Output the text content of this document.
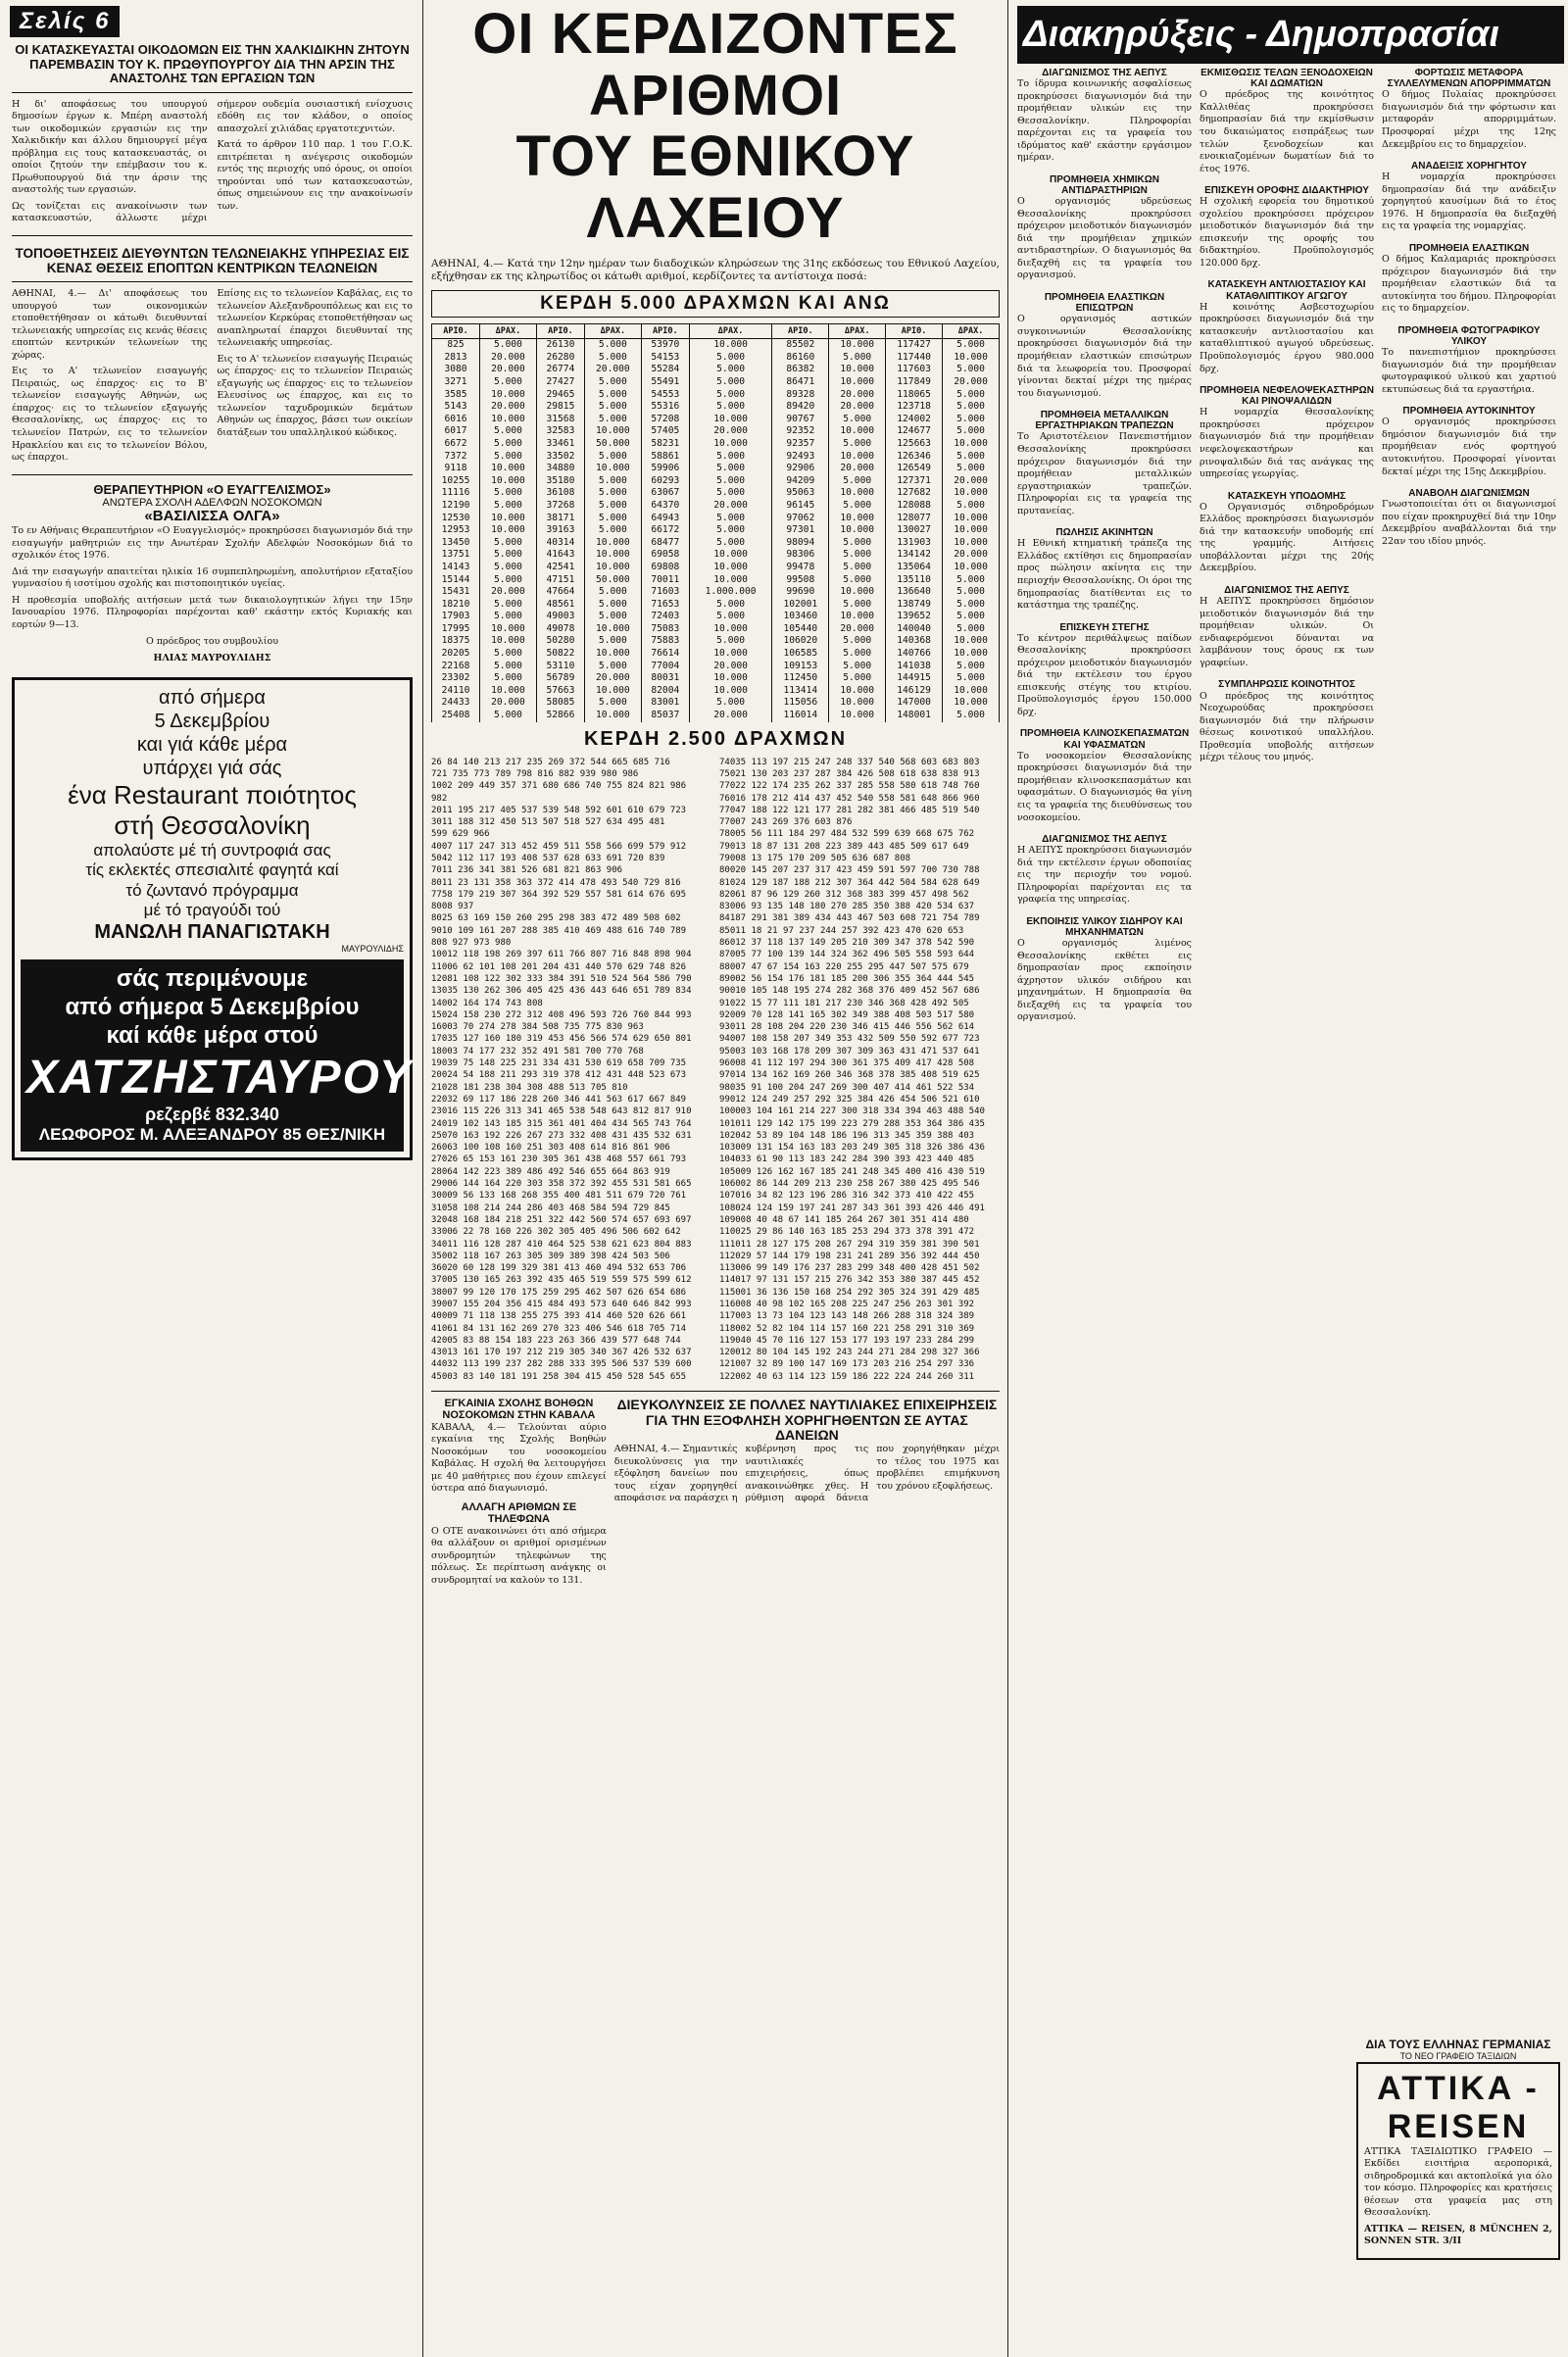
Σελίς 6
ΟΙ ΚΑΤΑΣΚΕΥΑΣΤΑΙ ΟΙΚΟΔΟΜΩΝ ΕΙΣ ΤΗΝ ΧΑΛΚΙΔΙΚΗΝ ΖΗΤΟΥΝ ΠΑΡΕΜΒΑΣΙΝ ΤΟΥ Κ. ΠΡΩΘΥΠΟΥΡΓΟΥ ΔΙΑ ΤΗΝ ΑΡΣΙΝ ΤΗΣ ΑΝΑΣΤΟΛΗΣ ΤΩΝ ΕΡΓΑΣΙΩΝ ΤΩΝ

Η δι' αποφάσεως του υπουργού δημοσίων έργων κ. Μπέρη αναστολή των οικοδομικών εργασιών εις την Χαλκιδικήν και άλλου δημιουργεί μέγα πρόβλημα εις τους κατασκευαστάς, οι οποίοι ζητούν την επέμβασιν του κ. Πρωθυπουργού διά την άρσιν της αναστολής των εργασιών.

Ως τονίζεται εις ανακοίνωσιν των κατασκευαστών, άλλωστε μέχρι σήμερον ουδεμία ουσιαστική ενίσχυσις εδόθη εις τον κλάδον, ο οποίος απασχολεί χιλιάδας εργατοτεχνιτών.

Κατά το άρθρον 110 παρ. 1 του Γ.Ο.Κ. επιτρέπεται η ανέγερσις οικοδομών εντός της περιοχής υπό όρους, οι οποίοι τηρούνται υπό των κατασκευαστών, όπως σημειώνουν εις την ανακοίνωσίν των.

ΤΟΠΟΘΕΤΗΣΕΙΣ ΔΙΕΥΘΥΝΤΩΝ ΤΕΛΩΝΕΙΑΚΗΣ ΥΠΗΡΕΣΙΑΣ ΕΙΣ ΚΕΝΑΣ ΘΕΣΕΙΣ ΕΠΟΠΤΩΝ ΚΕΝΤΡΙΚΩΝ ΤΕΛΩΝΕΙΩΝ

ΑΘΗΝΑΙ, 4.— Δι' αποφάσεως του υπουργού των οικονομικών ετοποθετήθησαν οι κάτωθι διευθυνταί τελωνειακής υπηρεσίας εις κενάς θέσεις εποπτών κεντρικών τελωνείων της χώρας.

Εις το Α' τελωνείον εισαγωγής Πειραιώς, ως έπαρχος· εις το Β' τελωνείον εισαγωγής Αθηνών, ως έπαρχος· εις το τελωνείον εξαγωγής Θεσσαλονίκης, ως έπαρχος· εις το τελωνείον Πατρών, εις το τελωνείον Ηρακλείου και εις το τελωνείον Βόλου, ως έπαρχοι.

Επίσης εις το τελωνείον Καβάλας, εις το τελωνείον Αλεξανδρουπόλεως και εις το τελωνείον Κερκύρας ετοποθετήθησαν ως αναπληρωταί έπαρχοι διευθυνταί της τελωνειακής υπηρεσίας.

Εις το Α' τελωνείον εισαγωγής Πειραιώς ως έπαρχος· εις το τελωνείον Πειραιώς εξαγωγής ως έπαρχος· εις το τελωνείον Ελευσίνος ως έπαρχος, και εις το τελωνείον ταχυδρομικών δεμάτων Αθηνών ως έπαρχος, βάσει των οικείων διατάξεων του υπαλληλικού κώδικος.

ΘΕΡΑΠΕΥΤΗΡΙΟΝ «Ο ΕΥΑΓΓΕΛΙΣΜΟΣ»
ΑΝΩΤΕΡΑ ΣΧΟΛΗ ΑΔΕΛΦΩΝ ΝΟΣΟΚΟΜΩΝ
«ΒΑΣΙΛΙΣΣΑ ΟΛΓΑ»

Το εν Αθήναις Θεραπευτήριον «Ο Ευαγγελισμός» προκηρύσσει διαγωνισμόν διά την εισαγωγήν μαθητριών εις την Ανωτέραν Σχολήν Αδελφών Νοσοκόμων διά το σχολικόν έτος 1976.

Διά την εισαγωγήν απαιτείται ηλικία 16 συμπεπληρωμένη, απολυτήριον εξαταξίου γυμνασίου ή ισοτίμου σχολής και πιστοποιητικόν υγείας.

Η προθεσμία υποβολής αιτήσεων μετά των δικαιολογητικών λήγει την 15ην Ιανουαρίου 1976. Πληροφορίαι παρέχονται καθ' εκάστην εκτός Κυριακής και εορτών 9—13.

Ο πρόεδρος του συμβουλίου
ΗΛΙΑΣ ΜΑΥΡΟΥΛΙΔΗΣ
από σήμερα
5 Δεκεμβρίου
και γιά κάθε μέρα
υπάρχει γιά σάς
ένα Restaurant ποιότητος
στή Θεσσαλονίκη
απολαύστε μέ τή συντροφιά σας
τίς εκλεκτές σπεσιαλιτέ φαγητά καί
τό ζωντανό πρόγραμμα
μέ τό τραγούδι τού
ΜΑΝΩΛΗ ΠΑΝΑΓΙΩΤΑΚΗ
ΜΑΥΡΟΥΛΙΔΗΣ
σάς περιμένουμε
από σήμερα 5 Δεκεμβρίου
καί κάθε μέρα στού
ΧΑΤΖΗΣΤΑΥΡΟΥ
ρεζερβέ 832.340
ΛΕΩΦΟΡΟΣ Μ. ΑΛΕΞΑΝΔΡΟΥ 85 ΘΕΣ/ΝΙΚΗ
ΟΙ ΚΕΡΔΙΖΟΝΤΕΣ ΑΡΙΘΜΟΙ
ΤΟΥ ΕΘΝΙΚΟΥ ΛΑΧΕΙΟΥ

ΑΘΗΝΑΙ, 4.— Κατά την 12ην ημέραν των διαδοχικών κληρώσεων της 31ης εκδόσεως του Εθνικού Λαχείου, εξήχθησαν εκ της κληρωτίδος οι κάτωθι αριθμοί, κερδίζοντες τα αντίστοιχα ποσά:

ΚΕΡΔΗ 5.000 ΔΡΑΧΜΩΝ ΚΑΙ ΑΝΩ
ΑΡΙΘ.	ΔΡΑΧ.	ΑΡΙΘ.	ΔΡΑΧ.	ΑΡΙΘ.	ΔΡΑΧ.	ΑΡΙΘ.	ΔΡΑΧ.	ΑΡΙΘ.	ΔΡΑΧ.
825	5.000	26130	5.000	53970	10.000	85502	10.000	117427	5.000
2813	20.000	26280	5.000	54153	5.000	86160	5.000	117440	10.000
3080	20.000	26774	20.000	55284	5.000	86382	10.000	117603	5.000
3271	5.000	27427	5.000	55491	5.000	86471	10.000	117849	20.000
3585	10.000	29465	5.000	54553	5.000	89328	20.000	118065	5.000
5143	20.000	29815	5.000	55316	5.000	89420	20.000	123718	5.000
6016	10.000	31568	5.000	57208	10.000	90767	5.000	124002	5.000
6017	5.000	32583	10.000	57405	20.000	92352	10.000	124677	5.000
6672	5.000	33461	50.000	58231	10.000	92357	5.000	125663	10.000
7372	5.000	33502	5.000	58861	5.000	92493	10.000	126346	5.000
9118	10.000	34880	10.000	59906	5.000	92906	20.000	126549	5.000
10255	10.000	35180	5.000	60293	5.000	94209	5.000	127371	20.000
11116	5.000	36108	5.000	63067	5.000	95063	10.000	127682	10.000
12190	5.000	37268	5.000	64370	20.000	96145	5.000	128088	5.000
12530	10.000	38171	5.000	64943	5.000	97062	10.000	128077	10.000
12953	10.000	39163	5.000	66172	5.000	97301	10.000	130027	10.000
13450	5.000	40314	10.000	68477	5.000	98094	5.000	131903	10.000
13751	5.000	41643	10.000	69058	10.000	98306	5.000	134142	20.000
14143	5.000	42541	10.000	69808	10.000	99478	5.000	135064	10.000
15144	5.000	47151	50.000	70011	10.000	99508	5.000	135110	5.000
15431	20.000	47664	5.000	71603	1.000.000	99690	10.000	136640	5.000
18210	5.000	48561	5.000	71653	5.000	102001	5.000	138749	5.000
17903	5.000	49003	5.000	72403	5.000	103460	10.000	139652	5.000
17995	10.000	49078	10.000	75083	10.000	105440	20.000	140040	5.000
18375	10.000	50280	5.000	75883	5.000	106020	5.000	140368	10.000
20205	5.000	50822	10.000	76614	10.000	106585	5.000	140766	10.000
22168	5.000	53110	5.000	77004	20.000	109153	5.000	141038	5.000
23302	5.000	56789	20.000	80031	10.000	112450	5.000	144915	5.000
24110	10.000	57663	10.000	82004	10.000	113414	10.000	146129	10.000
24433	20.000	58085	5.000	83001	5.000	115056	10.000	147000	10.000
25408	5.000	52866	10.000	85037	20.000	116014	10.000	148001	5.000
ΚΕΡΔΗ 2.500 ΔΡΑΧΜΩΝ
26 84 140 213 217 235 269 372 544 665 685 716
721 735 773 789 798 816 882 939 980 986
1002 209 449 357 371 680 686 740 755 824 821 986
982
2011 195 217 405 537 539 548 592 601 610 679 723
3011 188 312 450 513 507 518 527 634 495 481
599 629 966
4007 117 247 313 452 459 511 558 566 699 579 912
5042 112 117 193 408 537 628 633 691 720 839
7011 236 341 381 526 681 821 863 906
8011 23 131 358 363 372 414 478 493 540 729 816
7758 179 219 307 364 392 529 557 581 614 676 695
8008 937
8025 63 169 150 260 295 298 383 472 489 508 602
9010 109 161 207 288 385 410 469 488 616 740 789
808 927 973 980
10012 118 198 269 397 611 766 807 716 848 898 904
11006 62 101 108 201 204 431 440 570 629 748 826
12081 108 122 302 333 384 391 510 524 564 586 790
13035 130 262 306 405 425 436 443 646 651 789 834
14002 164 174 743 808
15024 158 230 272 312 408 496 593 726 760 844 993
16003 70 274 278 384 508 735 775 830 963
17035 127 160 180 319 453 456 566 574 629 650 801
18003 74 177 232 352 491 581 700 770 768
19039 75 148 225 231 334 431 530 619 658 709 735
20024 54 188 211 293 319 378 412 431 448 523 673
21028 181 238 304 308 488 513 705 810
22032 69 117 186 228 260 346 441 563 617 667 849
23016 115 226 313 341 465 538 548 643 812 817 910
24019 102 143 185 315 361 401 404 434 565 743 764
25070 163 192 226 267 273 332 408 431 435 532 631
26063 100 108 160 251 303 408 614 816 861 906
27026 65 153 161 230 305 361 438 468 557 661 793
28064 142 223 389 486 492 546 655 664 863 919
29006 144 164 220 303 358 372 392 455 531 581 665
30009 56 133 168 268 355 400 481 511 679 720 761
31058 108 214 244 286 403 468 584 594 729 845
32048 168 184 218 251 322 442 560 574 657 693 697
33006 22 78 160 226 302 305 405 496 506 602 642
34011 116 128 287 410 464 525 538 621 623 804 883
35002 118 167 263 305 309 389 398 424 503 506
36020 60 128 199 329 381 413 460 494 532 653 706
37005 130 165 263 392 435 465 519 559 575 599 612
38007 99 120 170 175 259 295 462 507 626 654 686
39007 155 204 356 415 484 493 573 640 646 842 993
40009 71 118 138 255 275 393 414 460 520 626 661
41061 84 131 162 269 270 323 406 546 618 705 714
42005 83 88 154 183 223 263 366 439 577 648 744
43013 161 170 197 212 219 305 340 367 426 532 637
44032 113 199 237 282 288 333 395 506 537 539 600
45003 83 140 181 191 258 304 415 450 528 545 655
74035 113 197 215 247 248 337 540 568 603 683 803
75021 130 203 237 287 384 426 508 618 638 838 913
77022 122 174 235 262 337 285 558 580 618 748 760
76016 178 212 414 437 452 540 558 581 648 866 960
77047 188 122 121 177 281 282 381 466 485 519 540
77007 243 269 376 603 876
78005 56 111 184 297 484 532 599 639 668 675 762
79013 18 87 131 208 223 389 443 485 509 617 649
79008 13 175 170 209 505 636 687 808
80020 145 207 237 317 423 459 591 597 700 730 788
81024 129 187 188 212 307 364 442 504 584 628 649
82061 87 96 129 260 312 368 383 399 457 498 562
83006 93 135 148 180 270 285 350 388 420 534 637
84187 291 381 389 434 443 467 503 608 721 754 789
85011 18 21 97 237 244 257 392 423 470 620 653
86012 37 118 137 149 205 210 309 347 378 542 590
87005 77 100 139 144 324 362 496 505 558 593 644
88007 47 67 154 163 220 255 295 447 507 575 679
89002 56 154 176 181 185 200 306 355 364 444 545
90010 105 148 195 274 282 368 376 409 452 567 686
91022 15 77 111 181 217 230 346 368 428 492 505
92009 70 128 141 165 302 349 388 408 503 517 580
93011 28 108 204 220 230 346 415 446 556 562 614
94007 108 158 207 349 353 432 509 550 592 677 723
95003 103 168 178 209 307 309 363 431 471 537 641
96008 41 112 197 294 300 361 375 409 417 428 508
97014 134 162 169 260 346 368 378 385 408 519 625
98035 91 100 204 247 269 300 407 414 461 522 534
99012 124 249 257 292 325 384 426 454 506 521 610
100003 104 161 214 227 300 318 334 394 463 488 540
101011 129 142 175 199 223 279 288 353 364 386 435
102042 53 89 104 148 186 196 313 345 359 388 403
103009 131 154 163 183 203 249 305 318 326 386 436
104033 61 90 113 183 242 284 390 393 423 440 485
105009 126 162 167 185 241 248 345 400 416 430 519
106002 86 144 209 213 230 258 267 380 425 495 546
107016 34 82 123 196 286 316 342 373 410 422 455
108024 124 159 197 241 287 343 361 393 426 446 491
109008 40 48 67 141 185 264 267 301 351 414 480
110025 29 86 140 163 185 253 294 373 378 391 472
111011 28 127 175 208 267 294 319 359 381 390 501
112029 57 144 179 198 231 241 289 356 392 444 450
113006 99 149 176 237 283 299 348 400 428 451 502
114017 97 131 157 215 276 342 353 380 387 445 452
115001 36 136 150 168 254 292 305 324 391 429 485
116008 40 98 102 165 208 225 247 256 263 301 392
117003 13 73 104 123 143 148 266 288 318 324 389
118002 52 82 104 114 157 160 221 258 291 310 369
119040 45 70 116 127 153 177 193 197 233 284 299
120012 80 104 145 192 243 244 271 284 298 327 366
121007 32 89 100 147 169 173 203 216 254 297 336
122002 40 63 114 123 159 186 222 224 244 260 311
ΕΓΚΑΙΝΙΑ ΣΧΟΛΗΣ ΒΟΗΘΩΝ ΝΟΣΟΚΟΜΩΝ ΣΤΗΝ ΚΑΒΑΛΑ

ΚΑΒΑΛΑ, 4.— Τελούνται αύριο εγκαίνια της Σχολής Βοηθών Νοσοκόμων του νοσοκομείου Καβάλας. Η σχολή θα λειτουργήσει με 40 μαθήτριες που έχουν επιλεγεί ύστερα από διαγωνισμό.

ΑΛΛΑΓΗ ΑΡΙΘΜΩΝ ΣΕ ΤΗΛΕΦΩΝΑ

Ο ΟΤΕ ανακοινώνει ότι από σήμερα θα αλλάξουν οι αριθμοί ορισμένων συνδρομητών τηλεφώνων της πόλεως. Σε περίπτωση ανάγκης οι συνδρομηταί να καλούν το 131.

ΔΙΕΥΚΟΛΥΝΣΕΙΣ ΣΕ ΠΟΛΛΕΣ ΝΑΥΤΙΛΙΑΚΕΣ ΕΠΙΧΕΙΡΗΣΕΙΣ ΓΙΑ ΤΗΝ ΕΞΟΦΛΗΣΗ ΧΟΡΗΓΗΘΕΝΤΩΝ ΣΕ ΑΥΤΑΣ ΔΑΝΕΙΩΝ

ΑΘΗΝΑΙ, 4.— Σημαντικές διευκολύνσεις για την εξόφληση δανείων που τους είχαν χορηγηθεί αποφάσισε να παράσχει η κυβέρνηση προς τις ναυτιλιακές επιχειρήσεις, όπως ανακοινώθηκε χθες. Η ρύθμιση αφορά δάνεια που χορηγήθηκαν μέχρι το τέλος του 1975 και προβλέπει επιμήκυνση του χρόνου εξοφλήσεως.

Διακηρύξεις - Δημοπρασίαι
ΔΙΑΓΩΝΙΣΜΟΣ ΤΗΣ ΑΕΠΥΣ

Το ίδρυμα κοινωνικής ασφαλίσεως προκηρύσσει διαγωνισμόν διά την προμήθειαν υλικών εις την Θεσσαλονίκην. Πληροφορίαι παρέχονται εις τα γραφεία του ιδρύματος καθ' εκάστην εργάσιμον ημέραν.

ΠΡΟΜΗΘΕΙΑ ΧΗΜΙΚΩΝ ΑΝΤΙΔΡΑΣΤΗΡΙΩΝ

Ο οργανισμός υδρεύσεως Θεσσαλονίκης προκηρύσσει πρόχειρον μειοδοτικόν διαγωνισμόν διά την προμήθειαν χημικών αντιδραστηρίων. Ο διαγωνισμός θα διεξαχθή εις τα γραφεία του οργανισμού.

ΠΡΟΜΗΘΕΙΑ ΕΛΑΣΤΙΚΩΝ ΕΠΙΣΩΤΡΩΝ

Ο οργανισμός αστικών συγκοινωνιών Θεσσαλονίκης προκηρύσσει διαγωνισμόν διά την προμήθειαν ελαστικών επισώτρων διά τα λεωφορεία του. Προσφοραί γίνονται δεκταί μέχρι της ημέρας του διαγωνισμού.

ΠΡΟΜΗΘΕΙΑ ΜΕΤΑΛΛΙΚΩΝ ΕΡΓΑΣΤΗΡΙΑΚΩΝ ΤΡΑΠΕΖΩΝ

Το Αριστοτέλειον Πανεπιστήμιον Θεσσαλονίκης προκηρύσσει πρόχειρον διαγωνισμόν διά την προμήθειαν μεταλλικών εργαστηριακών τραπεζών. Πληροφορίαι εις τα γραφεία της πρυτανείας.

ΠΩΛΗΣΙΣ ΑΚΙΝΗΤΩΝ

Η Εθνική κτηματική τράπεζα της Ελλάδος εκτίθησι εις δημοπρασίαν προς πώλησιν ακίνητα εις την περιοχήν Θεσσαλονίκης. Οι όροι της δημοπρασίας διατίθενται εις το κατάστημα της τραπέζης.

ΕΠΙΣΚΕΥΗ ΣΤΕΓΗΣ

Το κέντρον περιθάλψεως παίδων Θεσσαλονίκης προκηρύσσει πρόχειρον μειοδοτικόν διαγωνισμόν διά την εκτέλεσιν του έργου επισκευής στέγης του κτιρίου. Προϋπολογισμός έργου 150.000 δρχ.

ΠΡΟΜΗΘΕΙΑ ΚΛΙΝΟΣΚΕΠΑΣΜΑΤΩΝ ΚΑΙ ΥΦΑΣΜΑΤΩΝ

Το νοσοκομείον Θεσσαλονίκης προκηρύσσει διαγωνισμόν διά την προμήθειαν κλινοσκεπασμάτων και υφασμάτων. Ο διαγωνισμός θα γίνη εις τα γραφεία της διευθύνσεως του νοσοκομείου.

ΔΙΑΓΩΝΙΣΜΟΣ ΤΗΣ ΑΕΠΥΣ

Η ΑΕΠΥΣ προκηρύσσει διαγωνισμόν διά την εκτέλεσιν έργων οδοποιίας εις την περιοχήν του νομού. Πληροφορίαι παρέχονται εις τα γραφεία της υπηρεσίας.

ΕΚΠΟΙΗΣΙΣ ΥΛΙΚΟΥ ΣΙΔΗΡΟΥ ΚΑΙ ΜΗΧΑΝΗΜΑΤΩΝ

Ο οργανισμός λιμένος Θεσσαλονίκης εκθέτει εις δημοπρασίαν προς εκποίησιν άχρηστον υλικόν σιδήρου και μηχανημάτων. Η δημοπρασία θα διεξαχθή εις τα γραφεία του οργανισμού.

ΕΚΜΙΣΘΩΣΙΣ ΤΕΛΩΝ ΞΕΝΟΔΟΧΕΙΩΝ ΚΑΙ ΔΩΜΑΤΙΩΝ

Ο πρόεδρος της κοινότητος Καλλιθέας προκηρύσσει δημοπρασίαν διά την εκμίσθωσιν του δικαιώματος εισπράξεως των τελών ξενοδοχείων και ενοικιαζομένων δωματίων διά το έτος 1976.

ΕΠΙΣΚΕΥΗ ΟΡΟΦΗΣ ΔΙΔΑΚΤΗΡΙΟΥ

Η σχολική εφορεία του δημοτικού σχολείου προκηρύσσει πρόχειρον μειοδοτικόν διαγωνισμόν διά την επισκευήν της οροφής του διδακτηρίου. Προϋπολογισμός 120.000 δρχ.

ΚΑΤΑΣΚΕΥΗ ΑΝΤΛΙΟΣΤΑΣΙΟΥ ΚΑΙ ΚΑΤΑΘΛΙΠΤΙΚΟΥ ΑΓΩΓΟΥ

Η κοινότης Ασβεστοχωρίου προκηρύσσει διαγωνισμόν διά την κατασκευήν αντλιοστασίου και καταθλιπτικού αγωγού υδρεύσεως. Προϋπολογισμός έργου 980.000 δρχ.

ΠΡΟΜΗΘΕΙΑ ΝΕΦΕΛΟΨΕΚΑΣΤΗΡΩΝ ΚΑΙ ΡΙΝΟΨΑΛΙΔΩΝ

Η νομαρχία Θεσσαλονίκης προκηρύσσει πρόχειρον διαγωνισμόν διά την προμήθειαν νεφελοψεκαστήρων και ρινοψαλιδών διά τας ανάγκας της υπηρεσίας γεωργίας.

ΚΑΤΑΣΚΕΥΗ ΥΠΟΔΟΜΗΣ

Ο Οργανισμός σιδηροδρόμων Ελλάδος προκηρύσσει διαγωνισμόν διά την κατασκευήν υποδομής επί της γραμμής. Αιτήσεις υποβάλλονται μέχρι της 20ής Δεκεμβρίου.

ΔΙΑΓΩΝΙΣΜΟΣ ΤΗΣ ΑΕΠΥΣ

Η ΑΕΠΥΣ προκηρύσσει δημόσιον μειοδοτικόν διαγωνισμόν διά την προμήθειαν υλικών. Οι ενδιαφερόμενοι δύνανται να λαμβάνουν τους όρους εκ των γραφείων.

ΣΥΜΠΛΗΡΩΣΙΣ ΚΟΙΝΟΤΗΤΟΣ

Ο πρόεδρος της κοινότητος Νεοχωρούδας προκηρύσσει διαγωνισμόν διά την πλήρωσιν θέσεως κοινοτικού υπαλλήλου. Προθεσμία υποβολής αιτήσεων μέχρι τέλους του μηνός.

ΦΟΡΤΩΣΙΣ ΜΕΤΑΦΟΡΑ ΣΥΛΛΕΛΥΜΕΝΩΝ ΑΠΟΡΡΙΜΜΑΤΩΝ

Ο δήμος Πυλαίας προκηρύσσει διαγωνισμόν διά την φόρτωσιν και μεταφοράν απορριμμάτων. Προσφοραί μέχρι της 12ης Δεκεμβρίου εις το δημαρχείον.

ΑΝΑΔΕΙΞΙΣ ΧΟΡΗΓΗΤΟΥ

Η νομαρχία προκηρύσσει δημοπρασίαν διά την ανάδειξιν χορηγητού καυσίμων διά το έτος 1976. Η δημοπρασία θα διεξαχθή εις τα γραφεία της νομαρχίας.

ΠΡΟΜΗΘΕΙΑ ΕΛΑΣΤΙΚΩΝ

Ο δήμος Καλαμαριάς προκηρύσσει πρόχειρον διαγωνισμόν διά την προμήθειαν ελαστικών διά τα αυτοκίνητα του δήμου. Πληροφορίαι εις το δημαρχείον.

ΠΡΟΜΗΘΕΙΑ ΦΩΤΟΓΡΑΦΙΚΟΥ ΥΛΙΚΟΥ

Το πανεπιστήμιον προκηρύσσει διαγωνισμόν διά την προμήθειαν φωτογραφικού υλικού και χαρτιού εκτυπώσεως διά τα εργαστήρια.

ΠΡΟΜΗΘΕΙΑ ΑΥΤΟΚΙΝΗΤΟΥ

Ο οργανισμός προκηρύσσει δημόσιον διαγωνισμόν διά την προμήθειαν ενός φορτηγού αυτοκινήτου. Προσφοραί γίνονται δεκταί μέχρι της 15ης Δεκεμβρίου.

ΑΝΑΒΟΛΗ ΔΙΑΓΩΝΙΣΜΩΝ

Γνωστοποιείται ότι οι διαγωνισμοί που είχαν προκηρυχθεί διά την 10ην Δεκεμβρίου αναβάλλονται διά την 22αν του ιδίου μηνός.

ΔΙΑ ΤΟΥΣ ΕΛΛΗΝΑΣ ΓΕΡΜΑΝΙΑΣ
ΤΟ ΝΕΟ ΓΡΑΦΕΙΟ ΤΑΞΙΔΙΩΝ
ATTIKA - REISEN

ΑΤΤΙΚΑ ΤΑΞΙΔΙΩΤΙΚΟ ΓΡΑΦΕΙΟ — Εκδίδει εισιτήρια αεροπορικά, σιδηροδρομικά και ακτοπλοϊκά για όλο τον κόσμο. Πληροφορίες και κρατήσεις θέσεων στα γραφεία μας στη Θεσσαλονίκη.

ATTIKA — REISEN, 8 MÜNCHEN 2, SONNEN STR. 3/II
